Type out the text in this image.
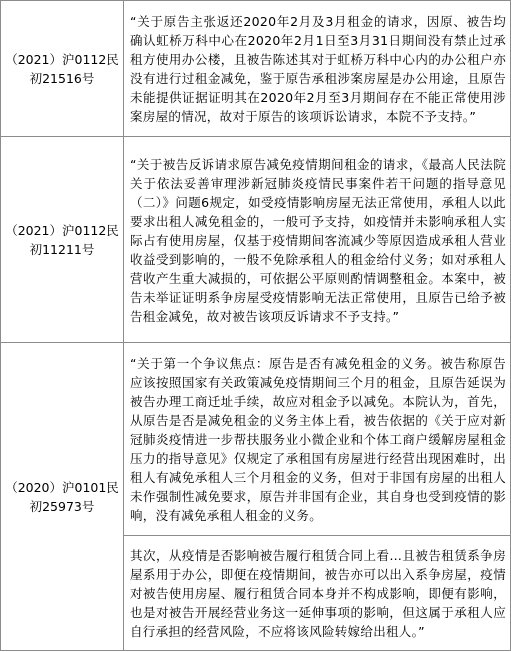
（2021）沪0112民初21516号	“关于原告主张返还2020年2月及3月租金的请求，因原、被告均确认虹桥万科中心在2020年2月1日至3月31日期间没有禁止过承租方使用办公楼，且被告陈述其对于虹桥万科中心内的办公租户亦没有进行过租金减免，鉴于原告承租涉案房屋是办公用途，且原告未能提供证据证明其在2020年2月至3月期间存在不能正常使用涉案房屋的情况，故对于原告的该项诉讼请求，本院不予支持。”

（2021）沪0112民初11211号	“关于被告反诉请求原告减免疫情期间租金的请求，《最高人民法院关于依法妥善审理涉新冠肺炎疫情民事案件若干问题的指导意见（二）》问题6规定，如受疫情影响房屋无法正常使用，承租人以此要求出租人减免租金的，一般可予支持，如疫情并未影响承租人实际占有使用房屋，仅基于疫情期间客流减少等原因造成承租人营业收益受到影响的，一般不免除承租人的租金给付义务；如对承租人营收产生重大减损的，可依据公平原则酌情调整租金。本案中，被告未举证证明系争房屋受疫情影响无法正常使用，且原告已给予被告租金减免，故对被告该项反诉请求不予支持。”

（2020）沪0101民初25973号	“关于第一个争议焦点：原告是否有减免租金的义务。被告称原告应该按照国家有关政策减免疫情期间三个月的租金，且原告延误为被告办理工商迁址手续，故应对租金予以减免。本院认为，首先，从原告是否是减免租金的义务主体上看，被告依据的《关于应对新冠肺炎疫情进一步帮扶服务业小微企业和个体工商户缓解房屋租金压力的指导意见》仅规定了承租国有房屋进行经营出现困难时，出租人有减免承租人三个月租金的义务，但对于非国有房屋的出租人未作强制性减免要求，原告并非国有企业，其自身也受到疫情的影响，没有减免承租人租金的义务。

	其次，从疫情是否影响被告履行租赁合同上看…且被告租赁系争房屋系用于办公，即便在疫情期间，被告亦可以出入系争房屋，疫情对被告使用房屋、履行租赁合同本身并不构成影响，即便有影响，也是对被告开展经营业务这一延伸事项的影响，但这属于承租人应自行承担的经营风险，不应将该风险转嫁给出租人。”
